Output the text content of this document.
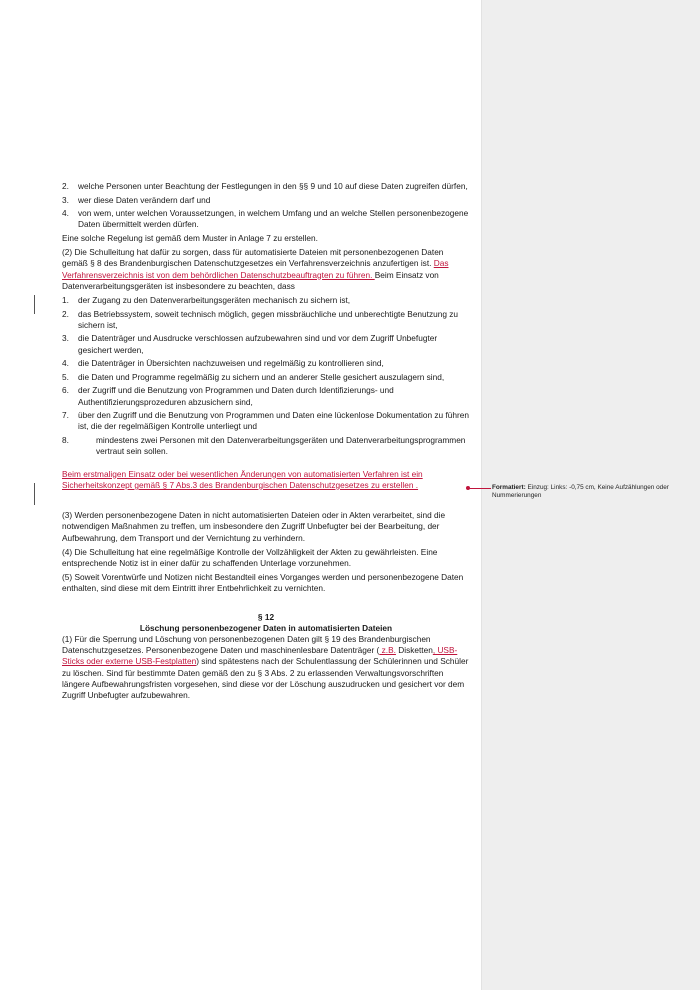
Formatiert: Einzug: Links: -0,75 cm, Keine Aufzählungen oder Nummerierungen
2.	welche Personen unter Beachtung der Festlegungen in den §§ 9 und 10 auf diese Daten zugreifen dürfen,
3.	wer diese Daten verändern darf und
4.	von wem, unter welchen Voraussetzungen, in welchem Umfang und an welche Stellen personenbezogene Daten übermittelt werden dürfen.

Eine solche Regelung ist gemäß dem Muster in Anlage 7 zu erstellen.

(2) Die Schulleitung hat dafür zu sorgen, dass für automatisierte Dateien mit personenbezogenen Daten gemäß § 8 des Brandenburgischen Datenschutzgesetzes ein Verfahrensverzeichnis anzufertigen ist. Das Verfahrensverzeichnis ist von dem behördlichen Datenschutzbeauftragten zu führen. Beim Einsatz von Datenverarbeitungsgeräten ist insbesondere zu beachten, dass

1.	der Zugang zu den Datenverarbeitungsgeräten mechanisch zu sichern ist,
2.	das Betriebssystem, soweit technisch möglich, gegen missbräuchliche und unberechtigte Benutzung zu sichern ist,
3.	die Datenträger und Ausdrucke verschlossen aufzubewahren sind und vor dem Zugriff Unbefugter gesichert werden,
4.	die Datenträger in Übersichten nachzuweisen und regelmäßig zu kontrollieren sind,
5.	die Daten und Programme regelmäßig zu sichern und an anderer Stelle gesichert auszulagern sind,
6.	der Zugriff und die Benutzung von Programmen und Daten durch Identifizierungs- und Authentifizierungsprozeduren abzusichern sind,
7.	über den Zugriff und die Benutzung von Programmen und Daten eine lückenlose Dokumentation zu führen ist, die der regelmäßigen Kontrolle unterliegt und
8.	mindestens zwei Personen mit den Datenverarbeitungsgeräten und Datenverarbeitungsprogrammen vertraut sein sollen.

Beim erstmaligen Einsatz oder bei wesentlichen Änderungen von automatisierten Verfahren ist ein Sicherheitskonzept gemäß § 7 Abs.3 des Brandenburgischen Datenschutzgesetzes zu erstellen .

(3) Werden personenbezogene Daten in nicht automatisierten Dateien oder in Akten verarbeitet, sind die notwendigen Maßnahmen zu treffen, um insbesondere den Zugriff Unbefugter bei der Bearbeitung, der Aufbewahrung, dem Transport und der Vernichtung zu verhindern.

(4) Die Schulleitung hat eine regelmäßige Kontrolle der Vollzähligkeit der Akten zu gewährleisten. Eine entsprechende Notiz ist in einer dafür zu schaffenden Unterlage vorzunehmen.

(5) Soweit Vorentwürfe und Notizen nicht Bestandteil eines Vorganges werden und personenbezogene Daten enthalten, sind diese mit dem Eintritt ihrer Entbehrlichkeit zu vernichten.

§ 12

Löschung personenbezogener Daten in automatisierten Dateien

(1) Für die Sperrung und Löschung von personenbezogenen Daten gilt § 19 des Brandenburgischen Datenschutzgesetzes. Personenbezogene Daten und maschinenlesbare Datenträger ( z.B. Disketten, USB-Sticks oder externe USB-Festplatten) sind spätestens nach der Schulentlassung der Schülerinnen und Schüler zu löschen. Sind für bestimmte Daten gemäß den zu § 3 Abs. 2 zu erlassenden Verwaltungsvorschriften längere Aufbewahrungsfristen vorgesehen, sind diese vor der Löschung auszudrucken und gesichert vor dem Zugriff Unbefugter aufzubewahren.
